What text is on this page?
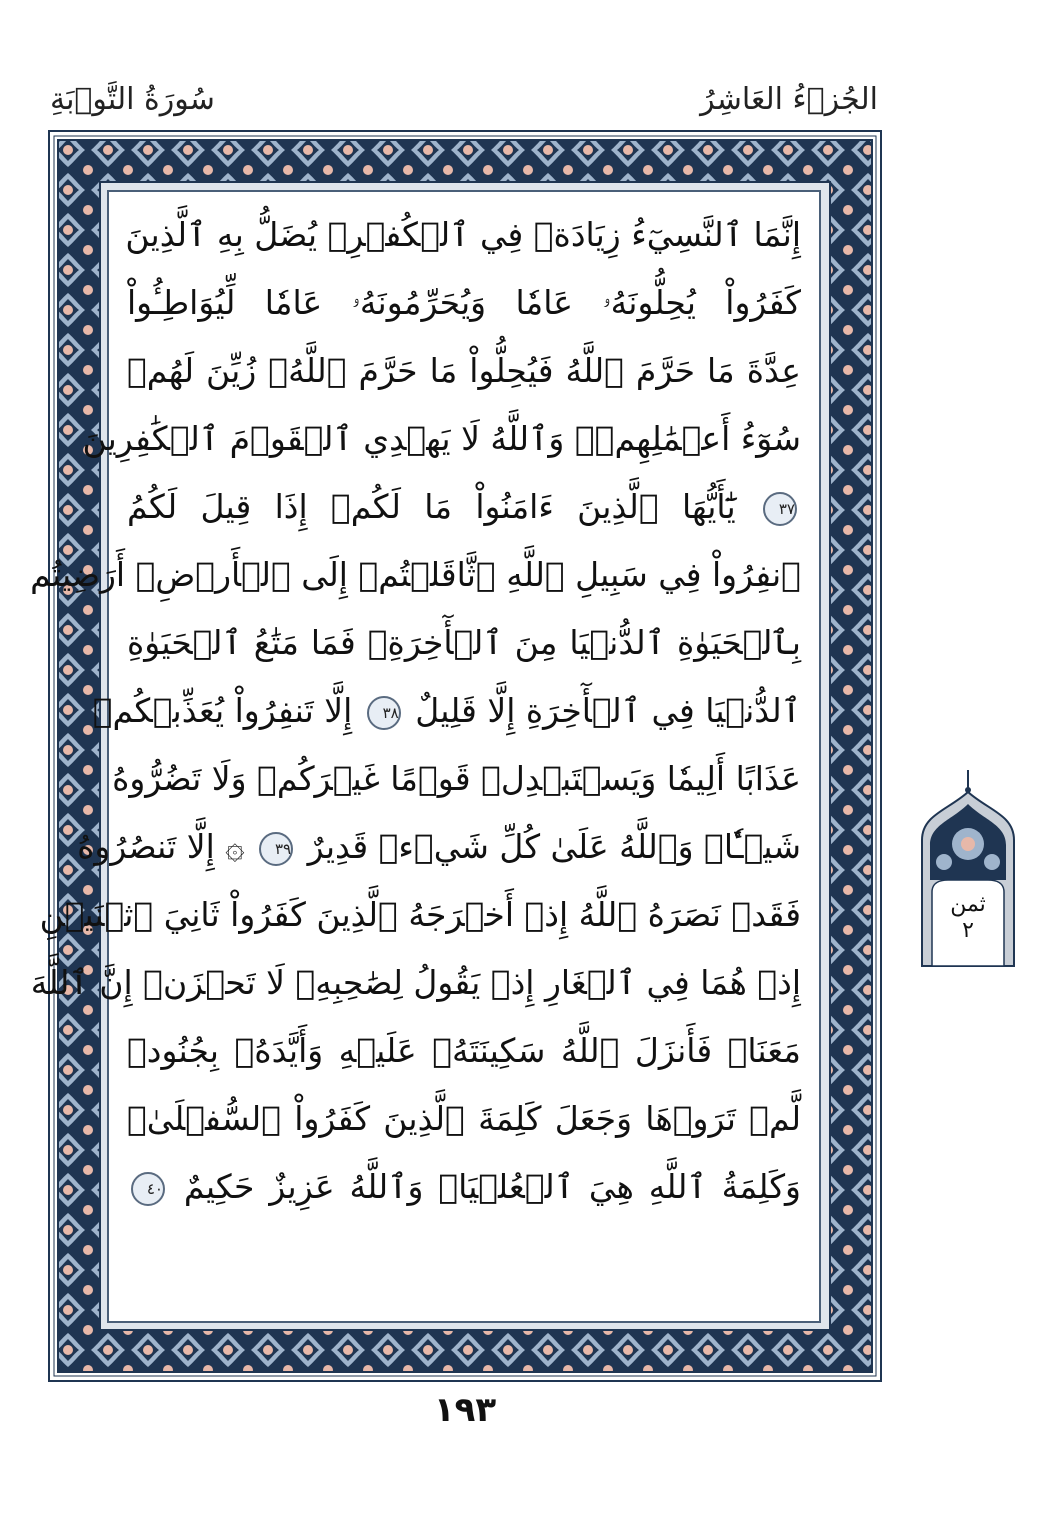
سُورَةُ التَّوۡبَةِ	الجُزۡءُ العَاشِرُ
إِنَّمَا ٱلنَّسِيٓءُ زِيَادَةٞ فِي ٱلۡكُفۡرِۖ يُضَلُّ بِهِ ٱلَّذِينَ
كَفَرُواْ يُحِلُّونَهُۥ عَامٗا وَيُحَرِّمُونَهُۥ عَامٗا لِّيُوَاطِـُٔواْ
عِدَّةَ مَا حَرَّمَ ٱللَّهُ فَيُحِلُّواْ مَا حَرَّمَ ٱللَّهُۚ زُيِّنَ لَهُمۡ
سُوٓءُ أَعۡمَٰلِهِمۡۗ وَٱللَّهُ لَا يَهۡدِي ٱلۡقَوۡمَ ٱلۡكَٰفِرِينَ
٣٧ يَٰٓأَيُّهَا ٱلَّذِينَ ءَامَنُواْ مَا لَكُمۡ إِذَا قِيلَ لَكُمُ
ٱنفِرُواْ فِي سَبِيلِ ٱللَّهِ ٱثَّاقَلۡتُمۡ إِلَى ٱلۡأَرۡضِۚ أَرَضِيتُم
بِٱلۡحَيَوٰةِ ٱلدُّنۡيَا مِنَ ٱلۡأٓخِرَةِۚ فَمَا مَتَٰعُ ٱلۡحَيَوٰةِ
ٱلدُّنۡيَا فِي ٱلۡأٓخِرَةِ إِلَّا قَلِيلٌ ٣٨ إِلَّا تَنفِرُواْ يُعَذِّبۡكُمۡ
عَذَابًا أَلِيمٗا وَيَسۡتَبۡدِلۡ قَوۡمًا غَيۡرَكُمۡ وَلَا تَضُرُّوهُ
شَيۡـٔٗاۗ وَٱللَّهُ عَلَىٰ كُلِّ شَيۡءٖ قَدِيرٌ ٣٩ ۞ إِلَّا تَنصُرُوهُ
فَقَدۡ نَصَرَهُ ٱللَّهُ إِذۡ أَخۡرَجَهُ ٱلَّذِينَ كَفَرُواْ ثَانِيَ ٱثۡنَيۡنِ
إِذۡ هُمَا فِي ٱلۡغَارِ إِذۡ يَقُولُ لِصَٰحِبِهِۦ لَا تَحۡزَنۡ إِنَّ ٱللَّهَ
مَعَنَاۖ فَأَنزَلَ ٱللَّهُ سَكِينَتَهُۥ عَلَيۡهِ وَأَيَّدَهُۥ بِجُنُودٖ
لَّمۡ تَرَوۡهَا وَجَعَلَ كَلِمَةَ ٱلَّذِينَ كَفَرُواْ ٱلسُّفۡلَىٰۗ
وَكَلِمَةُ ٱللَّهِ هِيَ ٱلۡعُلۡيَاۗ وَٱللَّهُ عَزِيزٌ حَكِيمٌ ٤٠
ثمن
٢
١٩٣
